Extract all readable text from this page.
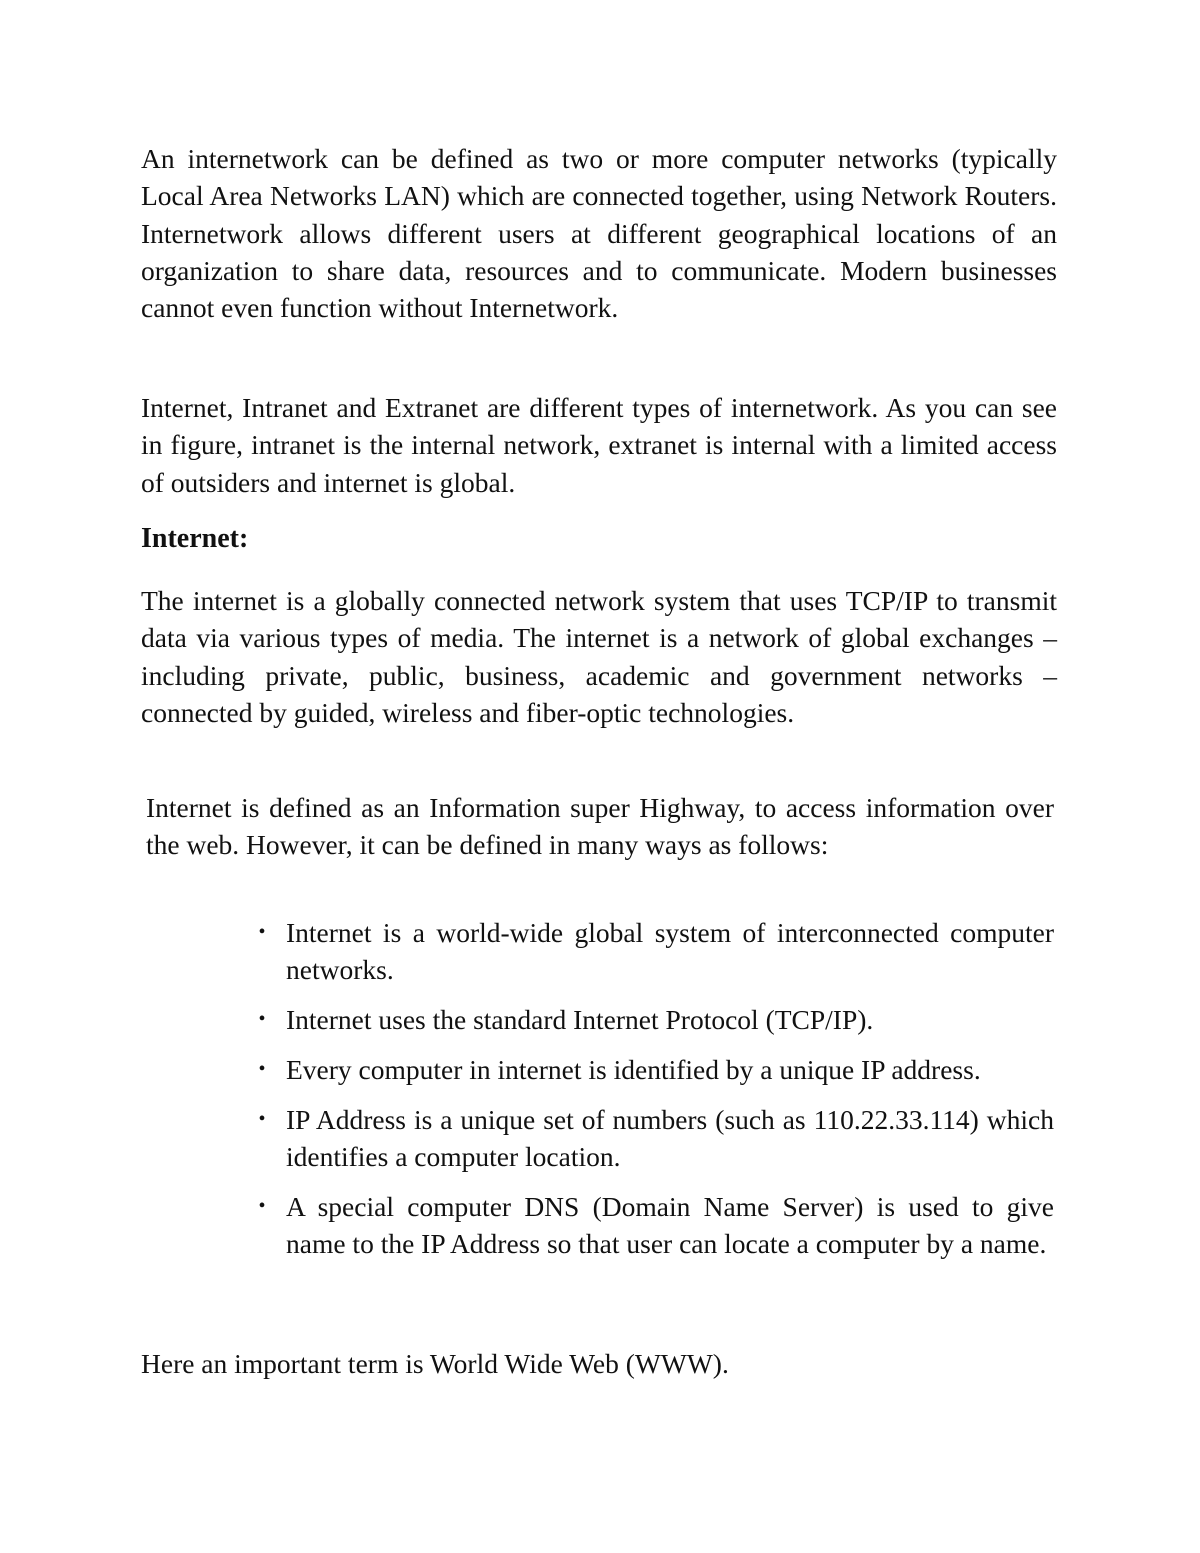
An internetwork can be defined as two or more computer networks (typically Local Area Networks LAN) which are connected together, using Network Routers. Internetwork allows different users at different geographical locations of an organization to share data, resources and to communicate. Modern businesses cannot even function without Internetwork.

Internet, Intranet and Extranet are different types of internetwork. As you can see in figure, intranet is the internal network, extranet is internal with a limited access of outsiders and internet is global.

Internet:

The internet is a globally connected network system that uses TCP/IP to transmit data via various types of media. The internet is a network of global exchanges – including private, public, business, academic and government networks – connected by guided, wireless and fiber-optic technologies.

Internet is defined as an Information super Highway, to access information over the web. However, it can be defined in many ways as follows:

• Internet is a world-wide global system of interconnected computer networks.
• Internet uses the standard Internet Protocol (TCP/IP).
• Every computer in internet is identified by a unique IP address.
• IP Address is a unique set of numbers (such as 110.22.33.114) which identifies a computer location.
• A special computer DNS (Domain Name Server) is used to give name to the IP Address so that user can locate a computer by a name.

Here an important term is World Wide Web (WWW).
